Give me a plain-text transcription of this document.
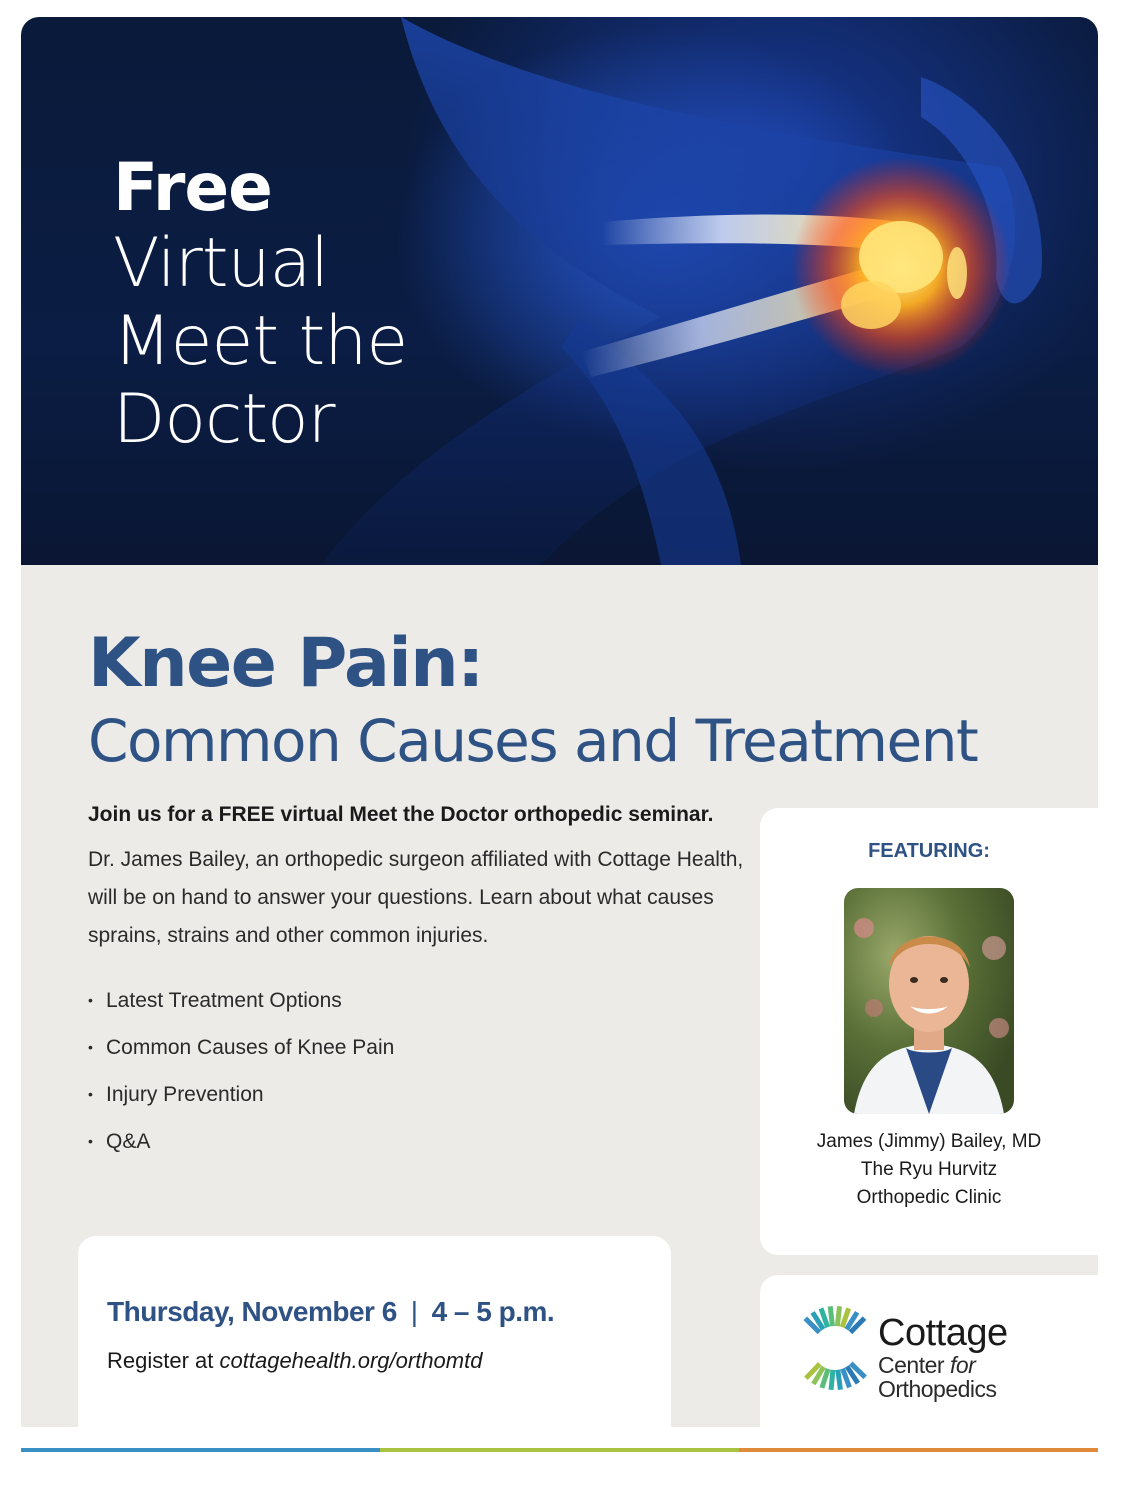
Free
Virtual
Meet the
Doctor
Knee Pain:
Common Causes and Treatment
Join us for a FREE virtual Meet the Doctor orthopedic seminar.
Dr. James Bailey, an orthopedic surgeon affiliated with Cottage Health, will be on hand to answer your questions. Learn about what causes sprains, strains and other common injuries.
• Latest Treatment Options
• Common Causes of Knee Pain
• Injury Prevention
• Q&A
FEATURING:
James (Jimmy) Bailey, MD
The Ryu Hurvitz
Orthopedic Clinic
Cottage
Center for
Orthopedics
Thursday, November 6 | 4 – 5 p.m.
Register at cottagehealth.org/orthomtd
